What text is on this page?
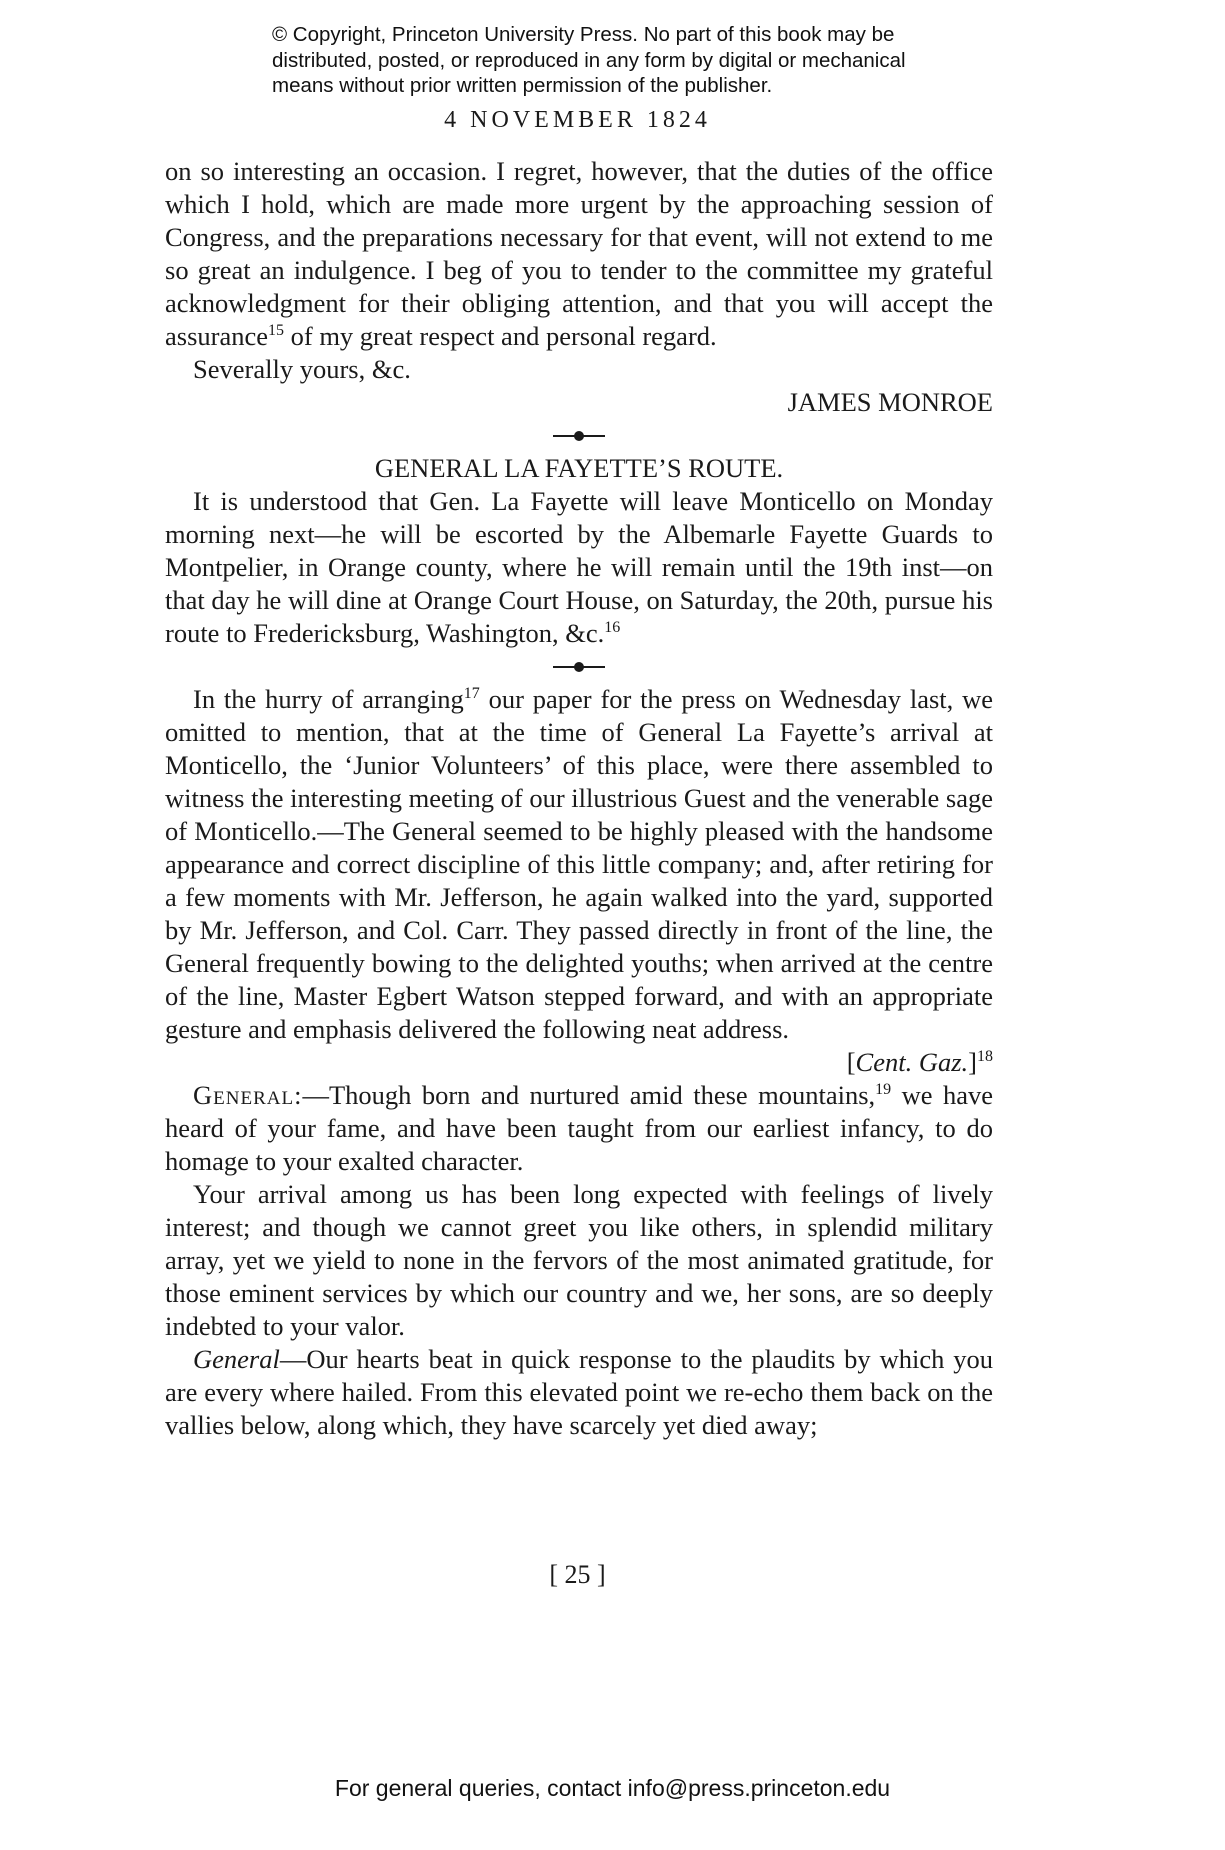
© Copyright, Princeton University Press. No part of this book may be
distributed, posted, or reproduced in any form by digital or mechanical
means without prior written permission of the publisher.
4 NOVEMBER 1824

on so interesting an occasion. I regret, however, that the duties of the office which I hold, which are made more urgent by the approaching session of Congress, and the preparations necessary for that event, will not extend to me so great an indulgence. I beg of you to tender to the committee my grateful acknowledgment for their obliging attention, and that you will accept the assurance$^{15}$ of my great respect and personal regard.

Severally yours, &c.

JAMES MONROE

GENERAL LA FAYETTE’S ROUTE.

It is understood that Gen. La Fayette will leave Monticello on Monday morning next—he will be escorted by the Albemarle Fayette Guards to Montpelier, in Orange county, where he will remain until the 19th inst—on that day he will dine at Orange Court House, on Saturday, the 20th, pursue his route to Fredericksburg, Washington, &c.$^{16}$

In the hurry of arranging$^{17}$ our paper for the press on Wednesday last, we omitted to mention, that at the time of General La Fayette’s arrival at Monticello, the ‘Junior Volunteers’ of this place, were there assembled to witness the interesting meeting of our illustrious Guest and the venerable sage of Monticello.—The General seemed to be highly pleased with the handsome appearance and correct discipline of this little company; and, after retiring for a few moments with Mr. Jefferson, he again walked into the yard, supported by Mr. Jefferson, and Col. Carr. They passed directly in front of the line, the General frequently bowing to the delighted youths; when arrived at the centre of the line, Master Egbert Watson stepped forward, and with an appropriate gesture and emphasis delivered the following neat address.

[Cent. Gaz.]$^{18}$

General:—Though born and nurtured amid these mountains,$^{19}$ we have heard of your fame, and have been taught from our earliest infancy, to do homage to your exalted character.

Your arrival among us has been long expected with feelings of lively interest; and though we cannot greet you like others, in splendid military array, yet we yield to none in the fervors of the most animated gratitude, for those eminent services by which our country and we, her sons, are so deeply indebted to your valor.

General—Our hearts beat in quick response to the plaudits by which you are every where hailed. From this elevated point we re-echo them back on the vallies below, along which, they have scarcely yet died away;

[ 25 ]
For general queries, contact info@press.princeton.edu
